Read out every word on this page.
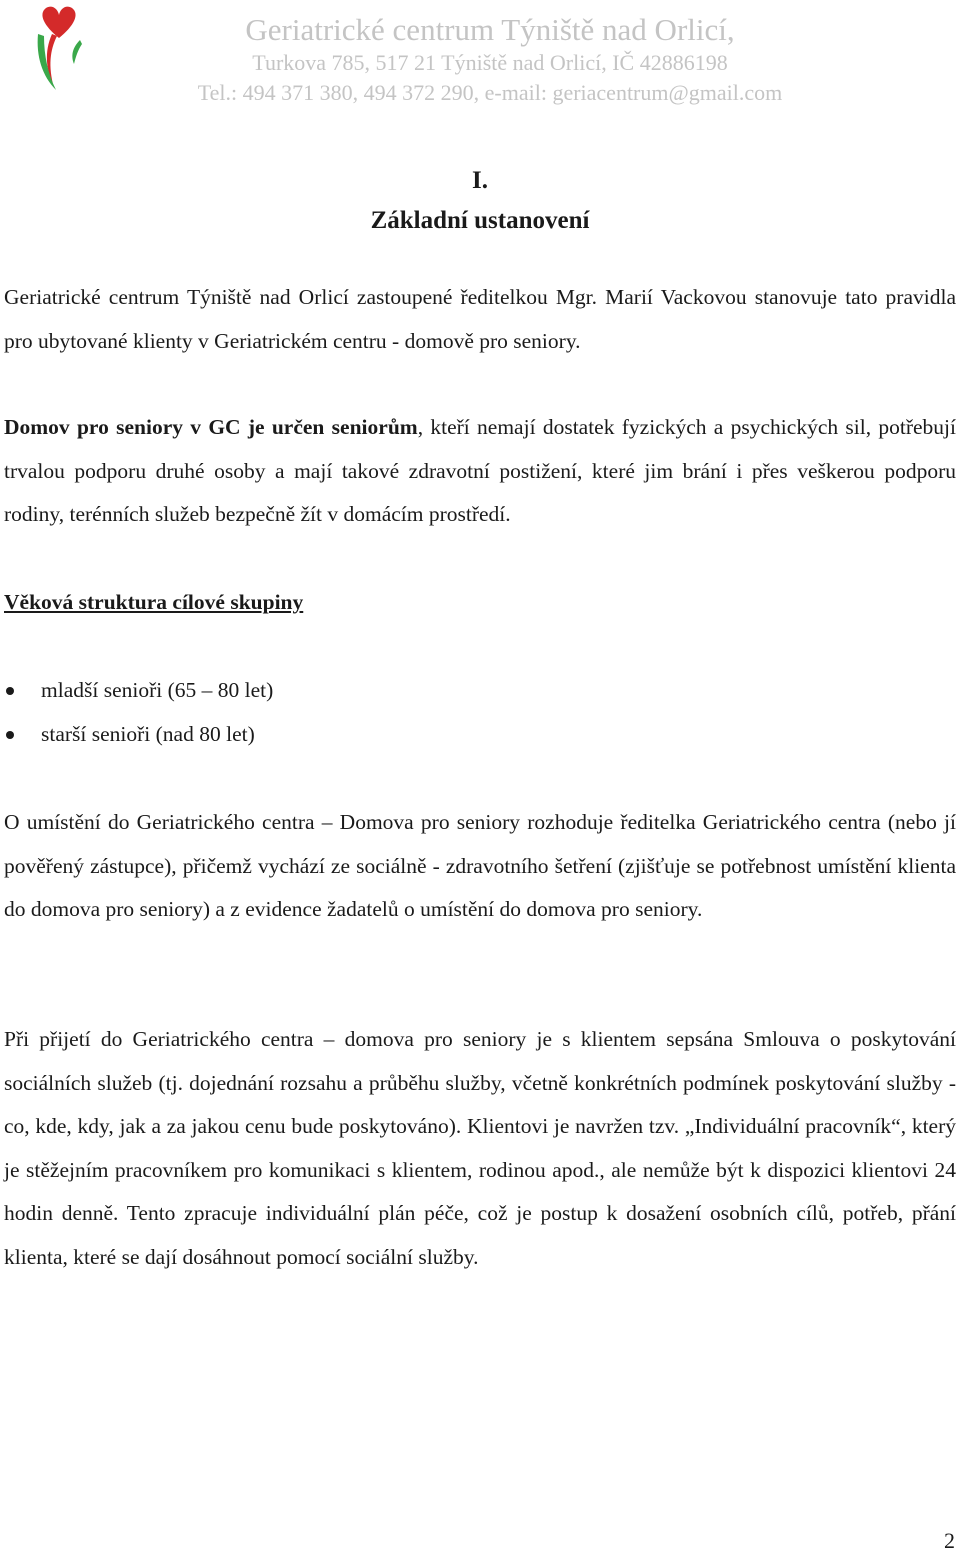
Geriatrické centrum Týniště nad Orlicí,
Turkova 785, 517 21 Týniště nad Orlicí, IČ 42886198
Tel.: 494 371 380, 494 372 290, e-mail: geriacentrum@gmail.com
I.
Základní ustanovení

Geriatrické centrum Týniště nad Orlicí zastoupené ředitelkou Mgr. Marií Vackovou stanovuje tato pravidla pro ubytované klienty v Geriatrickém centru - domově pro seniory.

Domov pro seniory v GC je určen seniorům, kteří nemají dostatek fyzických a psychických sil, potřebují trvalou podporu druhé osoby a mají takové zdravotní postižení, které jim brání i přes veškerou podporu rodiny, terénních služeb bezpečně žít v domácím prostředí.

Věková struktura cílové skupiny
mladší senioři (65 – 80 let)
starší senioři (nad 80 let)

O umístění do Geriatrického centra – Domova pro seniory rozhoduje ředitelka Geriatrického centra (nebo jí pověřený zástupce), přičemž vychází ze sociálně - zdravotního šetření (zjišťuje se potřebnost umístění klienta do domova pro seniory) a z evidence žadatelů o umístění do domova pro seniory.

Při přijetí do Geriatrického centra – domova pro seniory je s klientem sepsána Smlouva o poskytování sociálních služeb (tj. dojednání rozsahu a průběhu služby, včetně konkrétních podmínek poskytování služby - co, kde, kdy, jak a za jakou cenu bude poskytováno). Klientovi je navržen tzv. „Individuální pracovník“, který je stěžejním pracovníkem pro komunikaci s klientem, rodinou apod., ale nemůže být k dispozici klientovi 24 hodin denně. Tento zpracuje individuální plán péče, což je postup k dosažení osobních cílů, potřeb, přání klienta, které se dají dosáhnout pomocí sociální služby.

2
